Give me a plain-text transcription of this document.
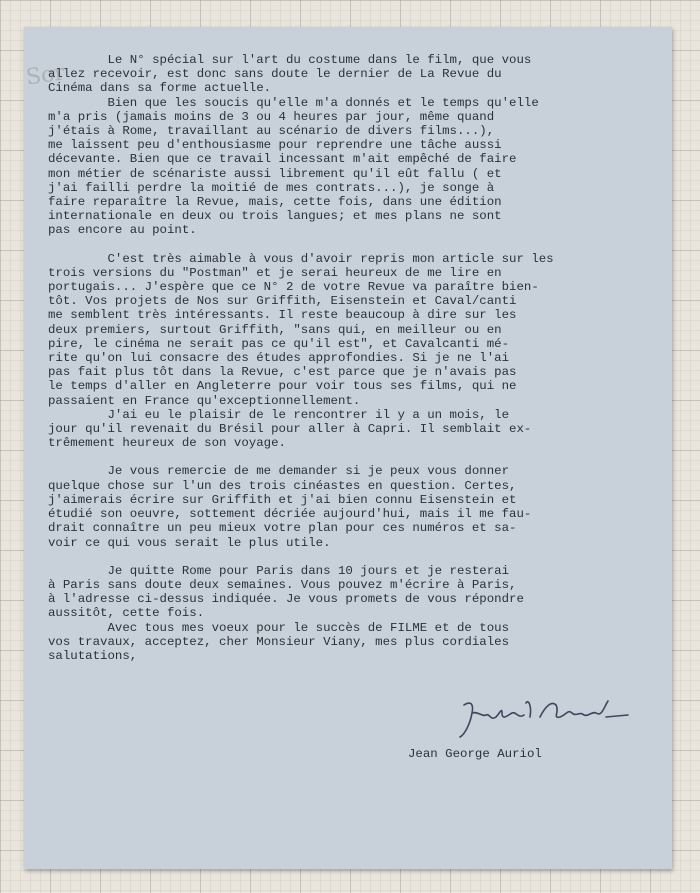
Sor

Le N° spécial sur l'art du costume dans le film, que vous

allez recevoir, est donc sans doute le dernier de La Revue du

Cinéma dans sa forme actuelle.

Bien que les soucis qu'elle m'a donnés et le temps qu'elle

m'a pris (jamais moins de 3 ou 4 heures par jour, même quand

j'étais à Rome, travaillant au scénario de divers films...),

me laissent peu d'enthousiasme pour reprendre une tâche aussi

décevante. Bien que ce travail incessant m'ait empêché de faire

mon métier de scénariste aussi librement qu'il eût fallu ( et

j'ai failli perdre la moitié de mes contrats...), je songe à

faire reparaître la Revue, mais, cette fois, dans une édition

internationale en deux ou trois langues; et mes plans ne sont

pas encore au point.

C'est très aimable à vous d'avoir repris mon article sur les

trois versions du "Postman" et je serai heureux de me lire en

portugais... J'espère que ce N° 2 de votre Revue va paraître bien-

tôt. Vos projets de Nos sur Griffith, Eisenstein et Caval/canti

me semblent très intéressants. Il reste beaucoup à dire sur les

deux premiers, surtout Griffith, "sans qui, en meilleur ou en

pire, le cinéma ne serait pas ce qu'il est", et Cavalcanti mé-

rite qu'on lui consacre des études approfondies. Si je ne l'ai

pas fait plus tôt dans la Revue, c'est parce que je n'avais pas

le temps d'aller en Angleterre pour voir tous ses films, qui ne

passaient en France qu'exceptionnellement.

J'ai eu le plaisir de le rencontrer il y a un mois, le

jour qu'il revenait du Brésil pour aller à Capri. Il semblait ex-

trêmement heureux de son voyage.

Je vous remercie de me demander si je peux vous donner

quelque chose sur l'un des trois cinéastes en question. Certes,

j'aimerais écrire sur Griffith et j'ai bien connu Eisenstein et

étudié son oeuvre, sottement décriée aujourd'hui, mais il me fau-

drait connaître un peu mieux votre plan pour ces numéros et sa-

voir ce qui vous serait le plus utile.

Je quitte Rome pour Paris dans 10 jours et je resterai

à Paris sans doute deux semaines. Vous pouvez m'écrire à Paris,

à l'adresse ci-dessus indiquée. Je vous promets de vous répondre

aussitôt, cette fois.

Avec tous mes voeux pour le succès de FILME et de tous

vos travaux, acceptez, cher Monsieur Viany, mes plus cordiales

salutations,

Jean George Auriol
